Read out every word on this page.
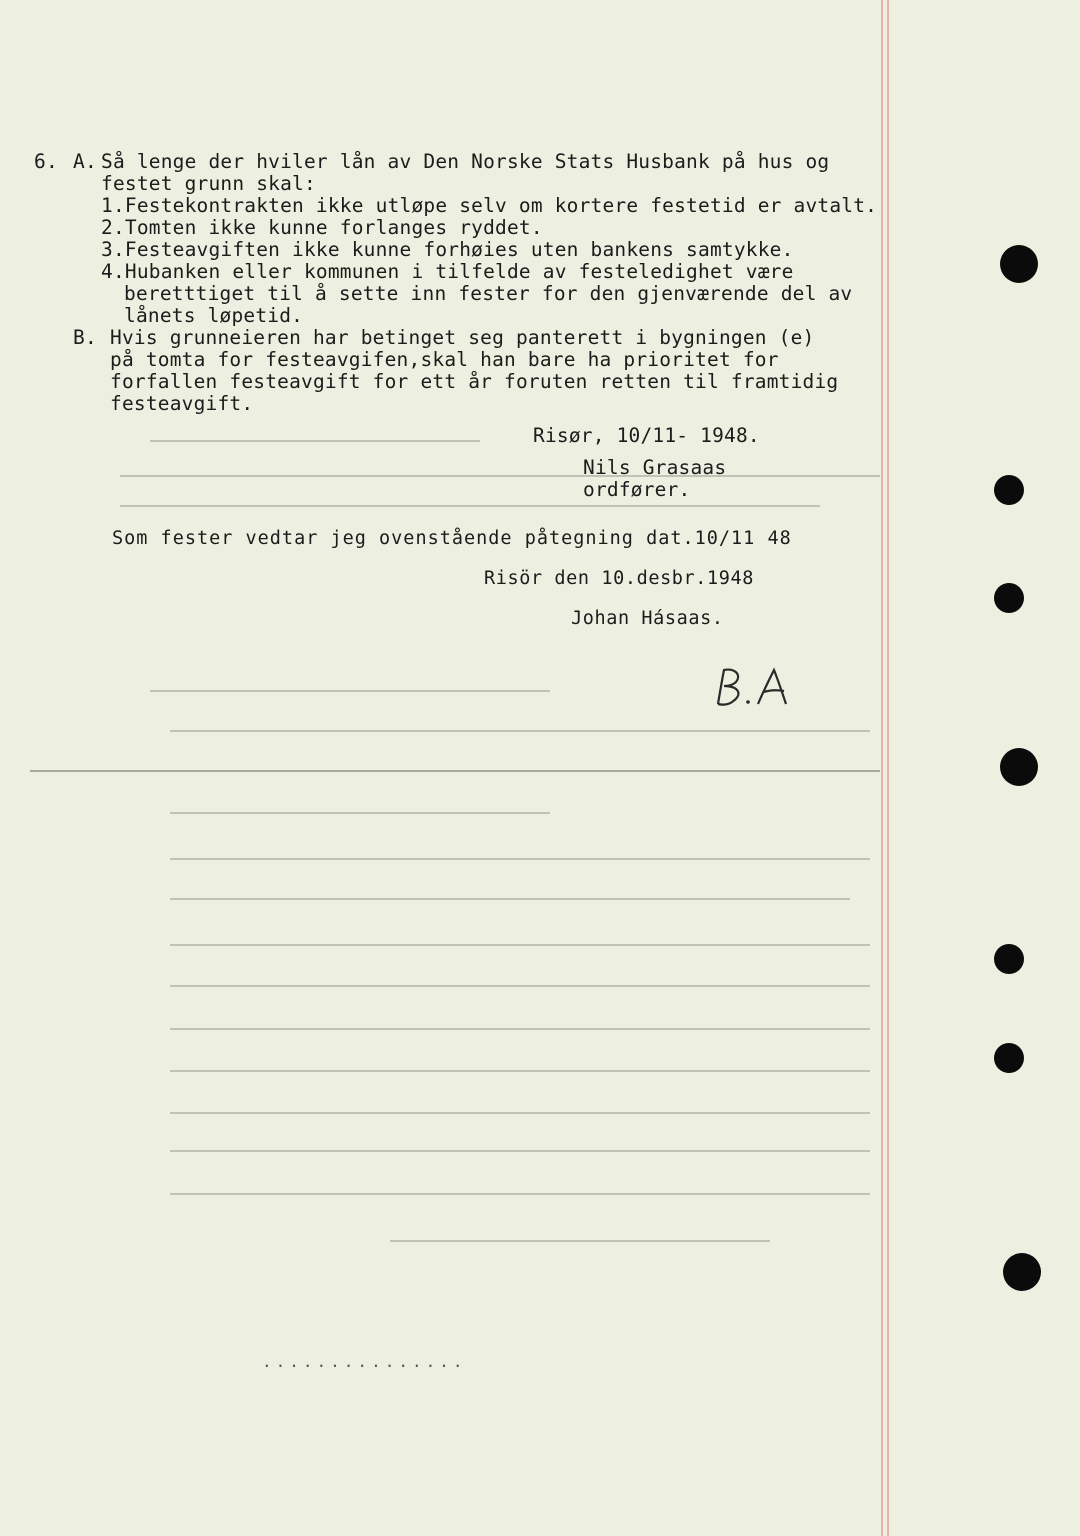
6. A. Så lenge der hviler lån av Den Norske Stats Husbank på hus og
festet grunn skal:
1.Festekontrakten ikke utløpe selv om kortere festetid er avtalt.
2.Tomten ikke kunne forlanges ryddet.
3.Festeavgiften ikke kunne forhøies uten bankens samtykke.
4.Hubanken eller kommunen i tilfelde av festeledighet være
beretttiget til å sette inn fester for den gjenværende del av
lånets løpetid.
B. Hvis grunneieren har betinget seg panterett i bygningen (e)
på tomta for festeavgifen,skal han bare ha prioritet for
forfallen festeavgift for ett år foruten retten til framtidig
festeavgift.
Risør, 10/11- 1948.
Nils Grasaas
ordfører.
Som fester vedtar jeg ovenstående påtegning dat.10/11 48
Risör den 10.desbr.1948
Johan Hásaas.
...............
